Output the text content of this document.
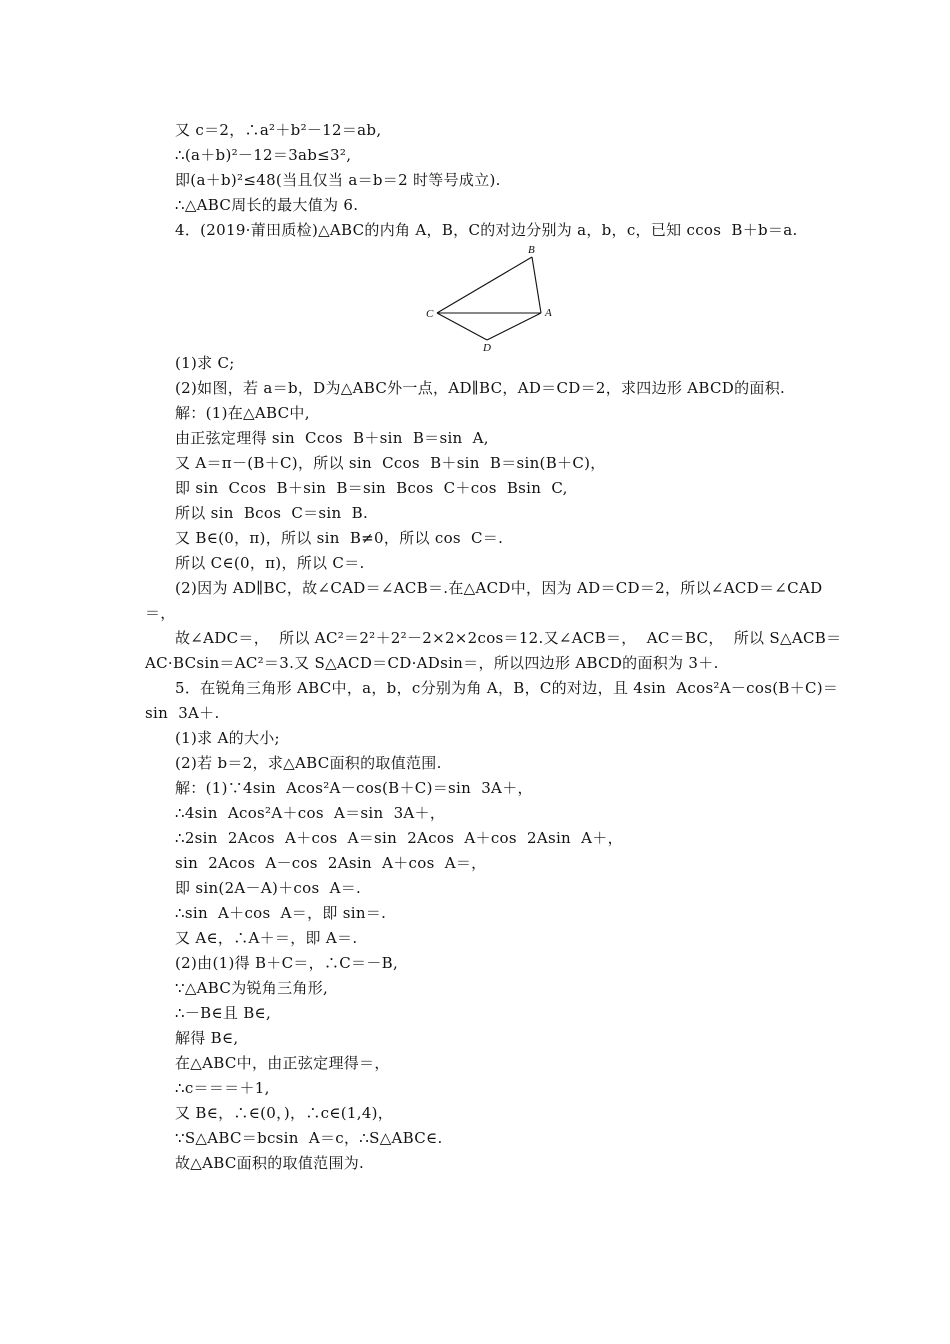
又 c＝2，∴a²＋b²－12＝ab,

∴(a＋b)²－12＝3ab≤3²,

即(a＋b)²≤48(当且仅当 a＝b＝2 时等号成立).

∴△ABC周长的最大值为 6.

4．(2019·莆田质检)△ABC的内角 A，B，C的对边分别为 a，b，c，已知 ccos  B＋b＝a.

B
C	A
D

(1)求 C;

(2)如图，若 a＝b，D为△ABC外一点，AD∥BC，AD＝CD＝2，求四边形 ABCD的面积.

解：(1)在△ABC中,

由正弦定理得 sin  Ccos  B＋sin  B＝sin  A,

又 A＝π－(B＋C)，所以 sin  Ccos  B＋sin  B＝sin(B＋C)，

即 sin  Ccos  B＋sin  B＝sin  Bcos  C＋cos  Bsin  C,

所以 sin  Bcos  C＝sin  B.

又 B∈(0，π)，所以 sin  B≠0，所以 cos  C＝.

所以 C∈(0，π)，所以 C＝.

(2)因为 AD∥BC，故∠CAD＝∠ACB＝.在△ACD中，因为 AD＝CD＝2，所以∠ACD＝∠CAD

＝，

故∠ADC＝，  所以 AC²＝2²＋2²－2×2×2cos＝12.又∠ACB＝，  AC＝BC，  所以 S△ACB＝

AC·BCsin＝AC²＝3.又 S△ACD＝CD·ADsin＝，所以四边形 ABCD的面积为 3＋.

5．在锐角三角形 ABC中，a，b，c分别为角 A，B，C的对边，且 4sin  Acos²A－cos(B＋C)＝

sin  3A＋.

(1)求 A的大小;

(2)若 b＝2，求△ABC面积的取值范围.

解：(1)∵4sin  Acos²A－cos(B＋C)＝sin  3A＋，

∴4sin  Acos²A＋cos  A＝sin  3A＋，

∴2sin  2Acos  A＋cos  A＝sin  2Acos  A＋cos  2Asin  A＋，

sin  2Acos  A－cos  2Asin  A＋cos  A＝，

即 sin(2A－A)＋cos  A＝.

∴sin  A＋cos  A＝，即 sin＝.

又 A∈，∴A＋＝，即 A＝.

(2)由(1)得 B＋C＝，∴C＝－B,

∵△ABC为锐角三角形,

∴－B∈且 B∈,

解得 B∈,

在△ABC中，由正弦定理得＝，

∴c＝＝＝＋1,

又 B∈，∴∈(0，)，∴c∈(1,4)，

∵S△ABC＝bcsin  A＝c，∴S△ABC∈.

故△ABC面积的取值范围为.
